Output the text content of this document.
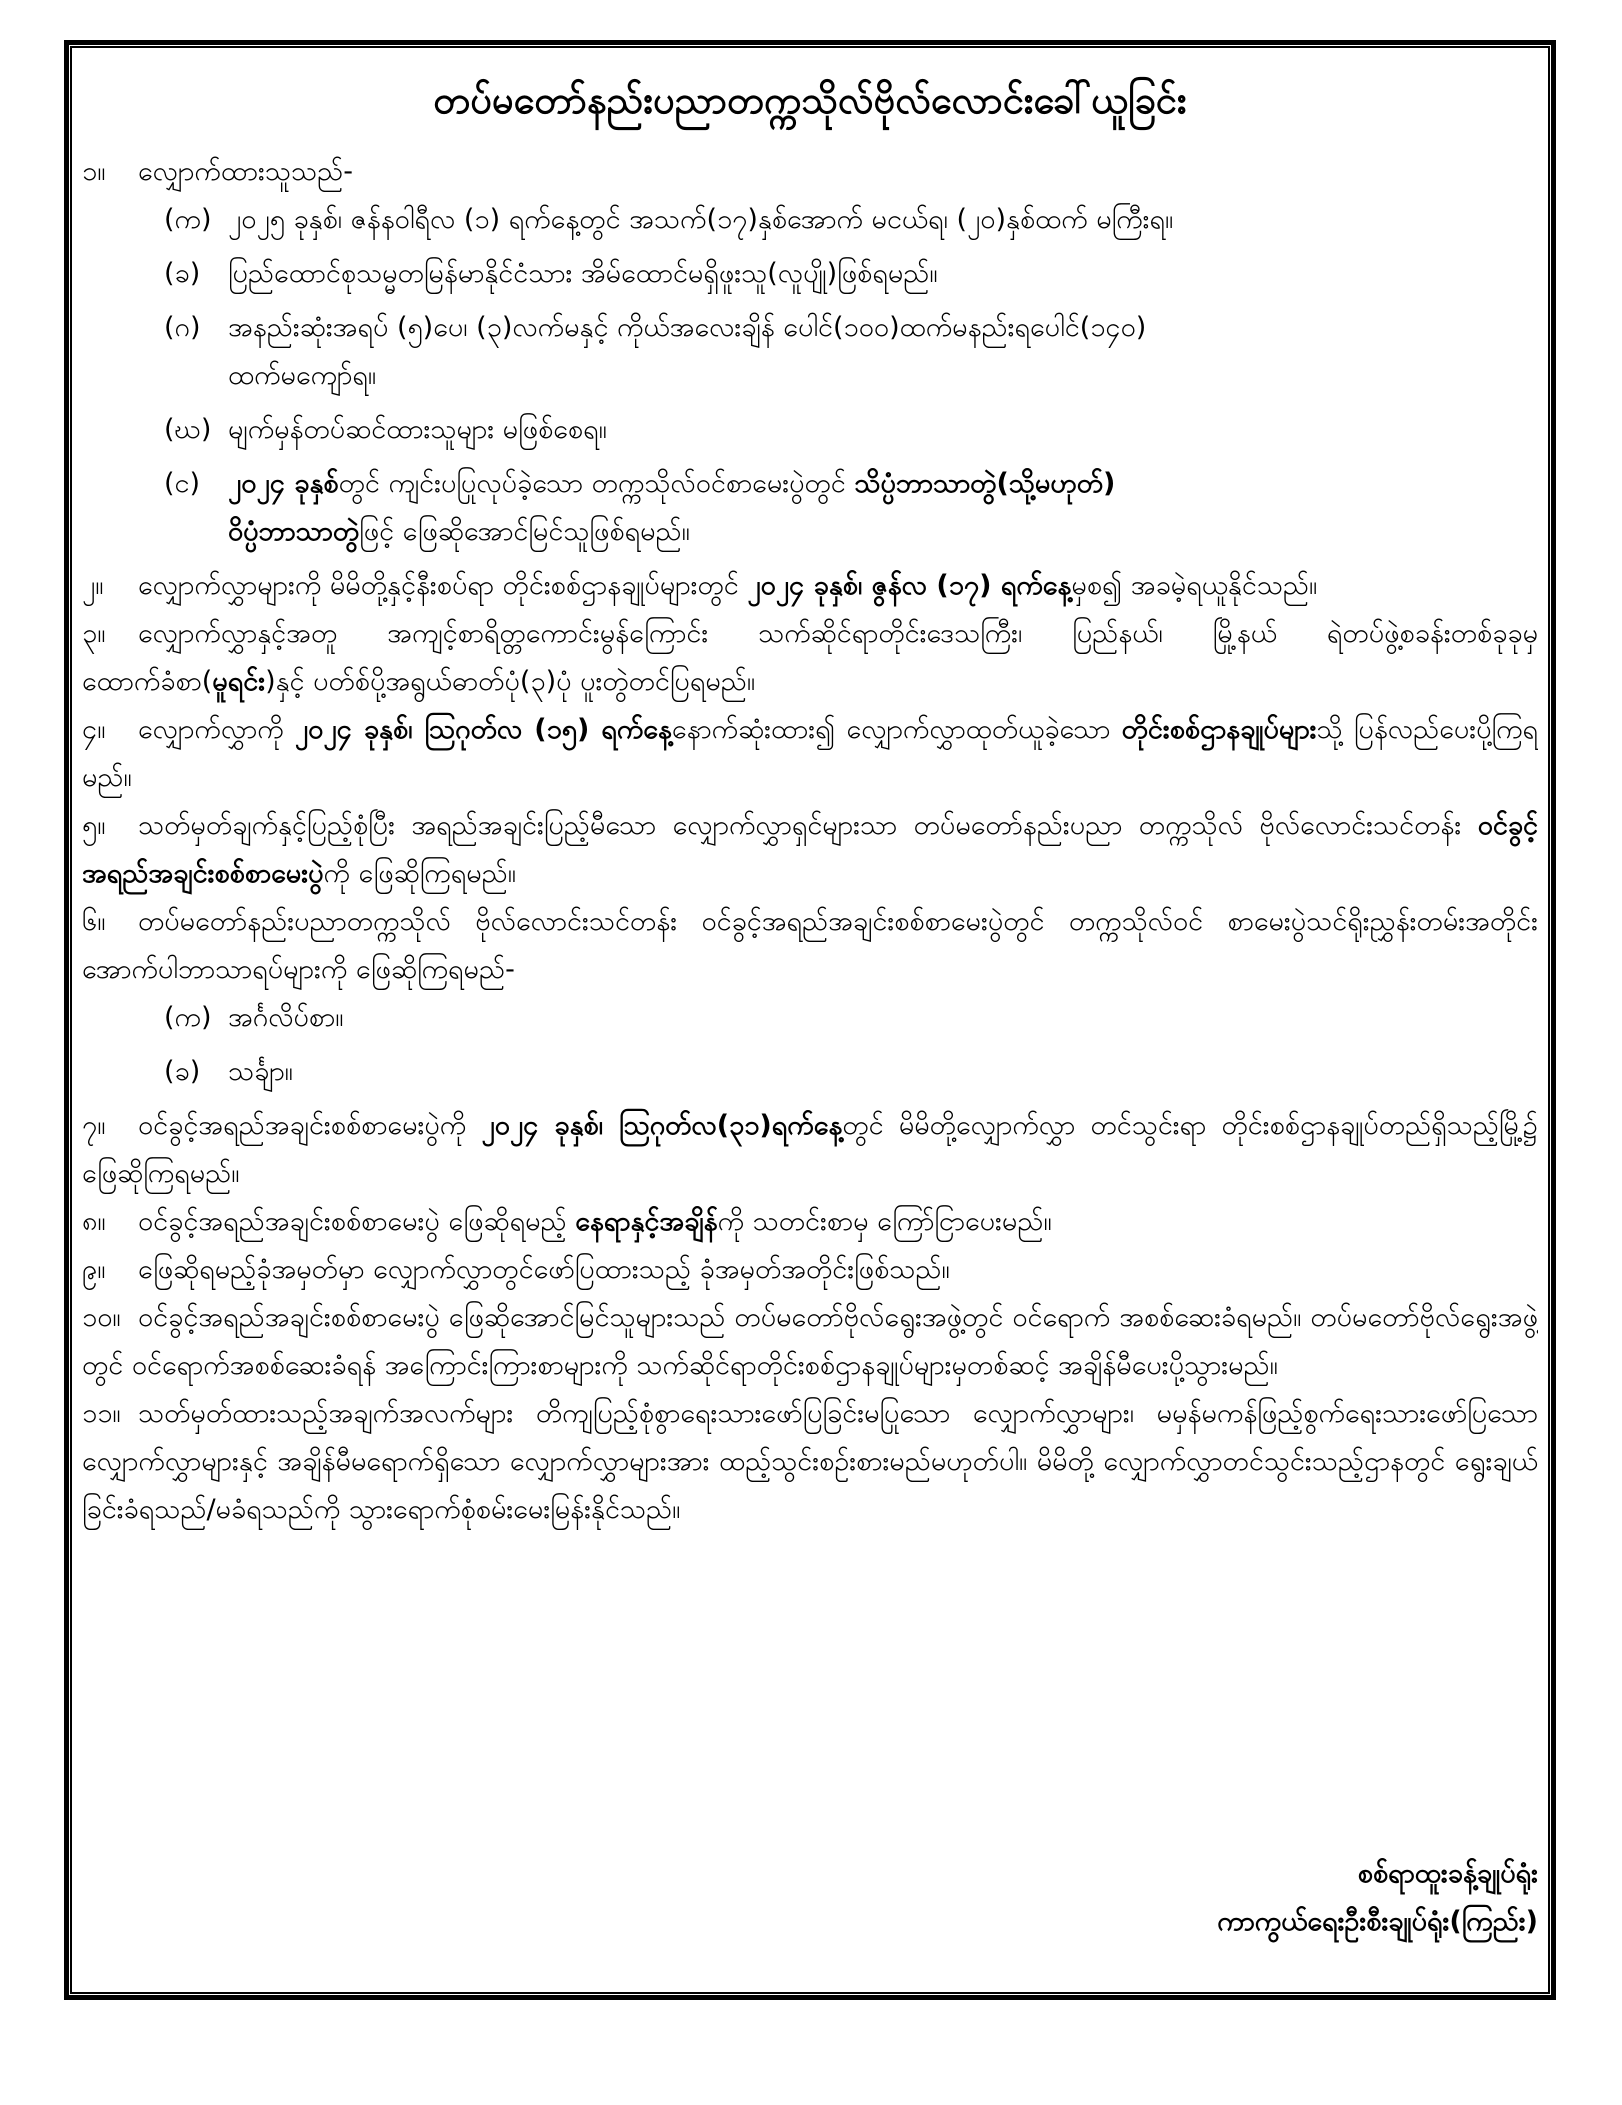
တပ်မတော်နည်းပညာတက္ကသိုလ်ဗိုလ်လောင်းခေါ်ယူခြင်း

၁။ လျှောက်ထားသူသည်-

(က) ၂၀၂၅ ခုနှစ်၊ ဇန်နဝါရီလ (၁) ရက်နေ့တွင် အသက်(၁၇)နှစ်အောက် မငယ်ရ၊ (၂၀)နှစ်ထက် မကြီးရ။

(ခ) ပြည်ထောင်စုသမ္မတမြန်မာနိုင်ငံသား အိမ်ထောင်မရှိဖူးသူ(လူပျို)ဖြစ်ရမည်။

(ဂ) အနည်းဆုံးအရပ် (၅)ပေ၊ (၃)လက်မနှင့် ကိုယ်အလေးချိန် ပေါင်(၁၀၀)ထက်မနည်းရပေါင်(၁၄၀)

ထက်မကျော်ရ။

(ဃ) မျက်မှန်တပ်ဆင်ထားသူများ မဖြစ်စေရ။

(င) ၂၀၂၄ ခုနှစ်တွင် ကျင်းပပြုလုပ်ခဲ့သော တက္ကသိုလ်ဝင်စာမေးပွဲတွင် သိပ္ပံဘာသာတွဲ(သို့မဟုတ်)

ဝိပ္ပံဘာသာတွဲဖြင့် ဖြေဆိုအောင်မြင်သူဖြစ်ရမည်။

၂။ လျှောက်လွှာများကို မိမိတို့နှင့်နီးစပ်ရာ တိုင်းစစ်ဌာနချုပ်များတွင် ၂၀၂၄ ခုနှစ်၊ ဇွန်လ (၁၇) ရက်နေ့မှစ၍ အခမဲ့ရယူနိုင်သည်။

၃။ လျှောက်လွှာနှင့်အတူ အကျင့်စာရိတ္တကောင်းမွန်ကြောင်း သက်ဆိုင်ရာတိုင်းဒေသကြီး၊ ပြည်နယ်၊ မြို့နယ် ရဲတပ်ဖွဲ့စခန်းတစ်ခုခုမှ ထောက်ခံစာ(မူရင်း)နှင့် ပတ်စ်ပို့အရွယ်ဓာတ်ပုံ(၃)ပုံ ပူးတွဲတင်ပြရမည်။

၄။ လျှောက်လွှာကို ၂၀၂၄ ခုနှစ်၊ ဩဂုတ်လ (၁၅) ရက်နေ့နောက်ဆုံးထား၍ လျှောက်လွှာထုတ်ယူခဲ့သော တိုင်းစစ်ဌာနချုပ်များသို့ ပြန်လည်ပေးပို့ကြရမည်။

၅။ သတ်မှတ်ချက်နှင့်ပြည့်စုံပြီး အရည်အချင်းပြည့်မီသော လျှောက်လွှာရှင်များသာ တပ်မတော်နည်းပညာ တက္ကသိုလ် ဗိုလ်လောင်းသင်တန်း ဝင်ခွင့်အရည်အချင်းစစ်စာမေးပွဲကို ဖြေဆိုကြရမည်။

၆။ တပ်မတော်နည်းပညာတက္ကသိုလ် ဗိုလ်လောင်းသင်တန်း ဝင်ခွင့်အရည်အချင်းစစ်စာမေးပွဲတွင် တက္ကသိုလ်ဝင် စာမေးပွဲသင်ရိုးညွှန်းတမ်းအတိုင်း အောက်ပါဘာသာရပ်များကို ဖြေဆိုကြရမည်-

(က) အင်္ဂလိပ်စာ။

(ခ) သင်္ချာ။

၇။ ဝင်ခွင့်အရည်အချင်းစစ်စာမေးပွဲကို ၂၀၂၄ ခုနှစ်၊ ဩဂုတ်လ(၃၁)ရက်နေ့တွင် မိမိတို့လျှောက်လွှာ တင်သွင်းရာ တိုင်းစစ်ဌာနချုပ်တည်ရှိသည့်မြို့၌ ဖြေဆိုကြရမည်။

၈။ ဝင်ခွင့်အရည်အချင်းစစ်စာမေးပွဲ ဖြေဆိုရမည့် နေရာနှင့်အချိန်ကို သတင်းစာမှ ကြော်ငြာပေးမည်။

၉။ ဖြေဆိုရမည့်ခုံအမှတ်မှာ လျှောက်လွှာတွင်ဖော်ပြထားသည့် ခုံအမှတ်အတိုင်းဖြစ်သည်။

၁၀။ ဝင်ခွင့်အရည်အချင်းစစ်စာမေးပွဲ ဖြေဆိုအောင်မြင်သူများသည် တပ်မတော်ဗိုလ်ရွေးအဖွဲ့တွင် ဝင်ရောက် အစစ်ဆေးခံရမည်။ တပ်မတော်ဗိုလ်ရွေးအဖွဲ့တွင် ဝင်ရောက်အစစ်ဆေးခံရန် အကြောင်းကြားစာများကို သက်ဆိုင်ရာတိုင်းစစ်ဌာနချုပ်များမှတစ်ဆင့် အချိန်မီပေးပို့သွားမည်။

၁၁။ သတ်မှတ်ထားသည့်အချက်အလက်များ တိကျပြည့်စုံစွာရေးသားဖော်ပြခြင်းမပြုသော လျှောက်လွှာများ၊ မမှန်မကန်ဖြည့်စွက်ရေးသားဖော်ပြသောလျှောက်လွှာများနှင့် အချိန်မီမရောက်ရှိသော လျှောက်လွှာများအား ထည့်သွင်းစဉ်းစားမည်မဟုတ်ပါ။ မိမိတို့ လျှောက်လွှာတင်သွင်းသည့်ဌာနတွင် ရွေးချယ်ခြင်းခံရသည်/မခံရသည်ကို သွားရောက်စုံစမ်းမေးမြန်းနိုင်သည်။

စစ်ရာထူးခန့်ချုပ်ရုံး
ကာကွယ်ရေးဦးစီးချုပ်ရုံး(ကြည်း)
